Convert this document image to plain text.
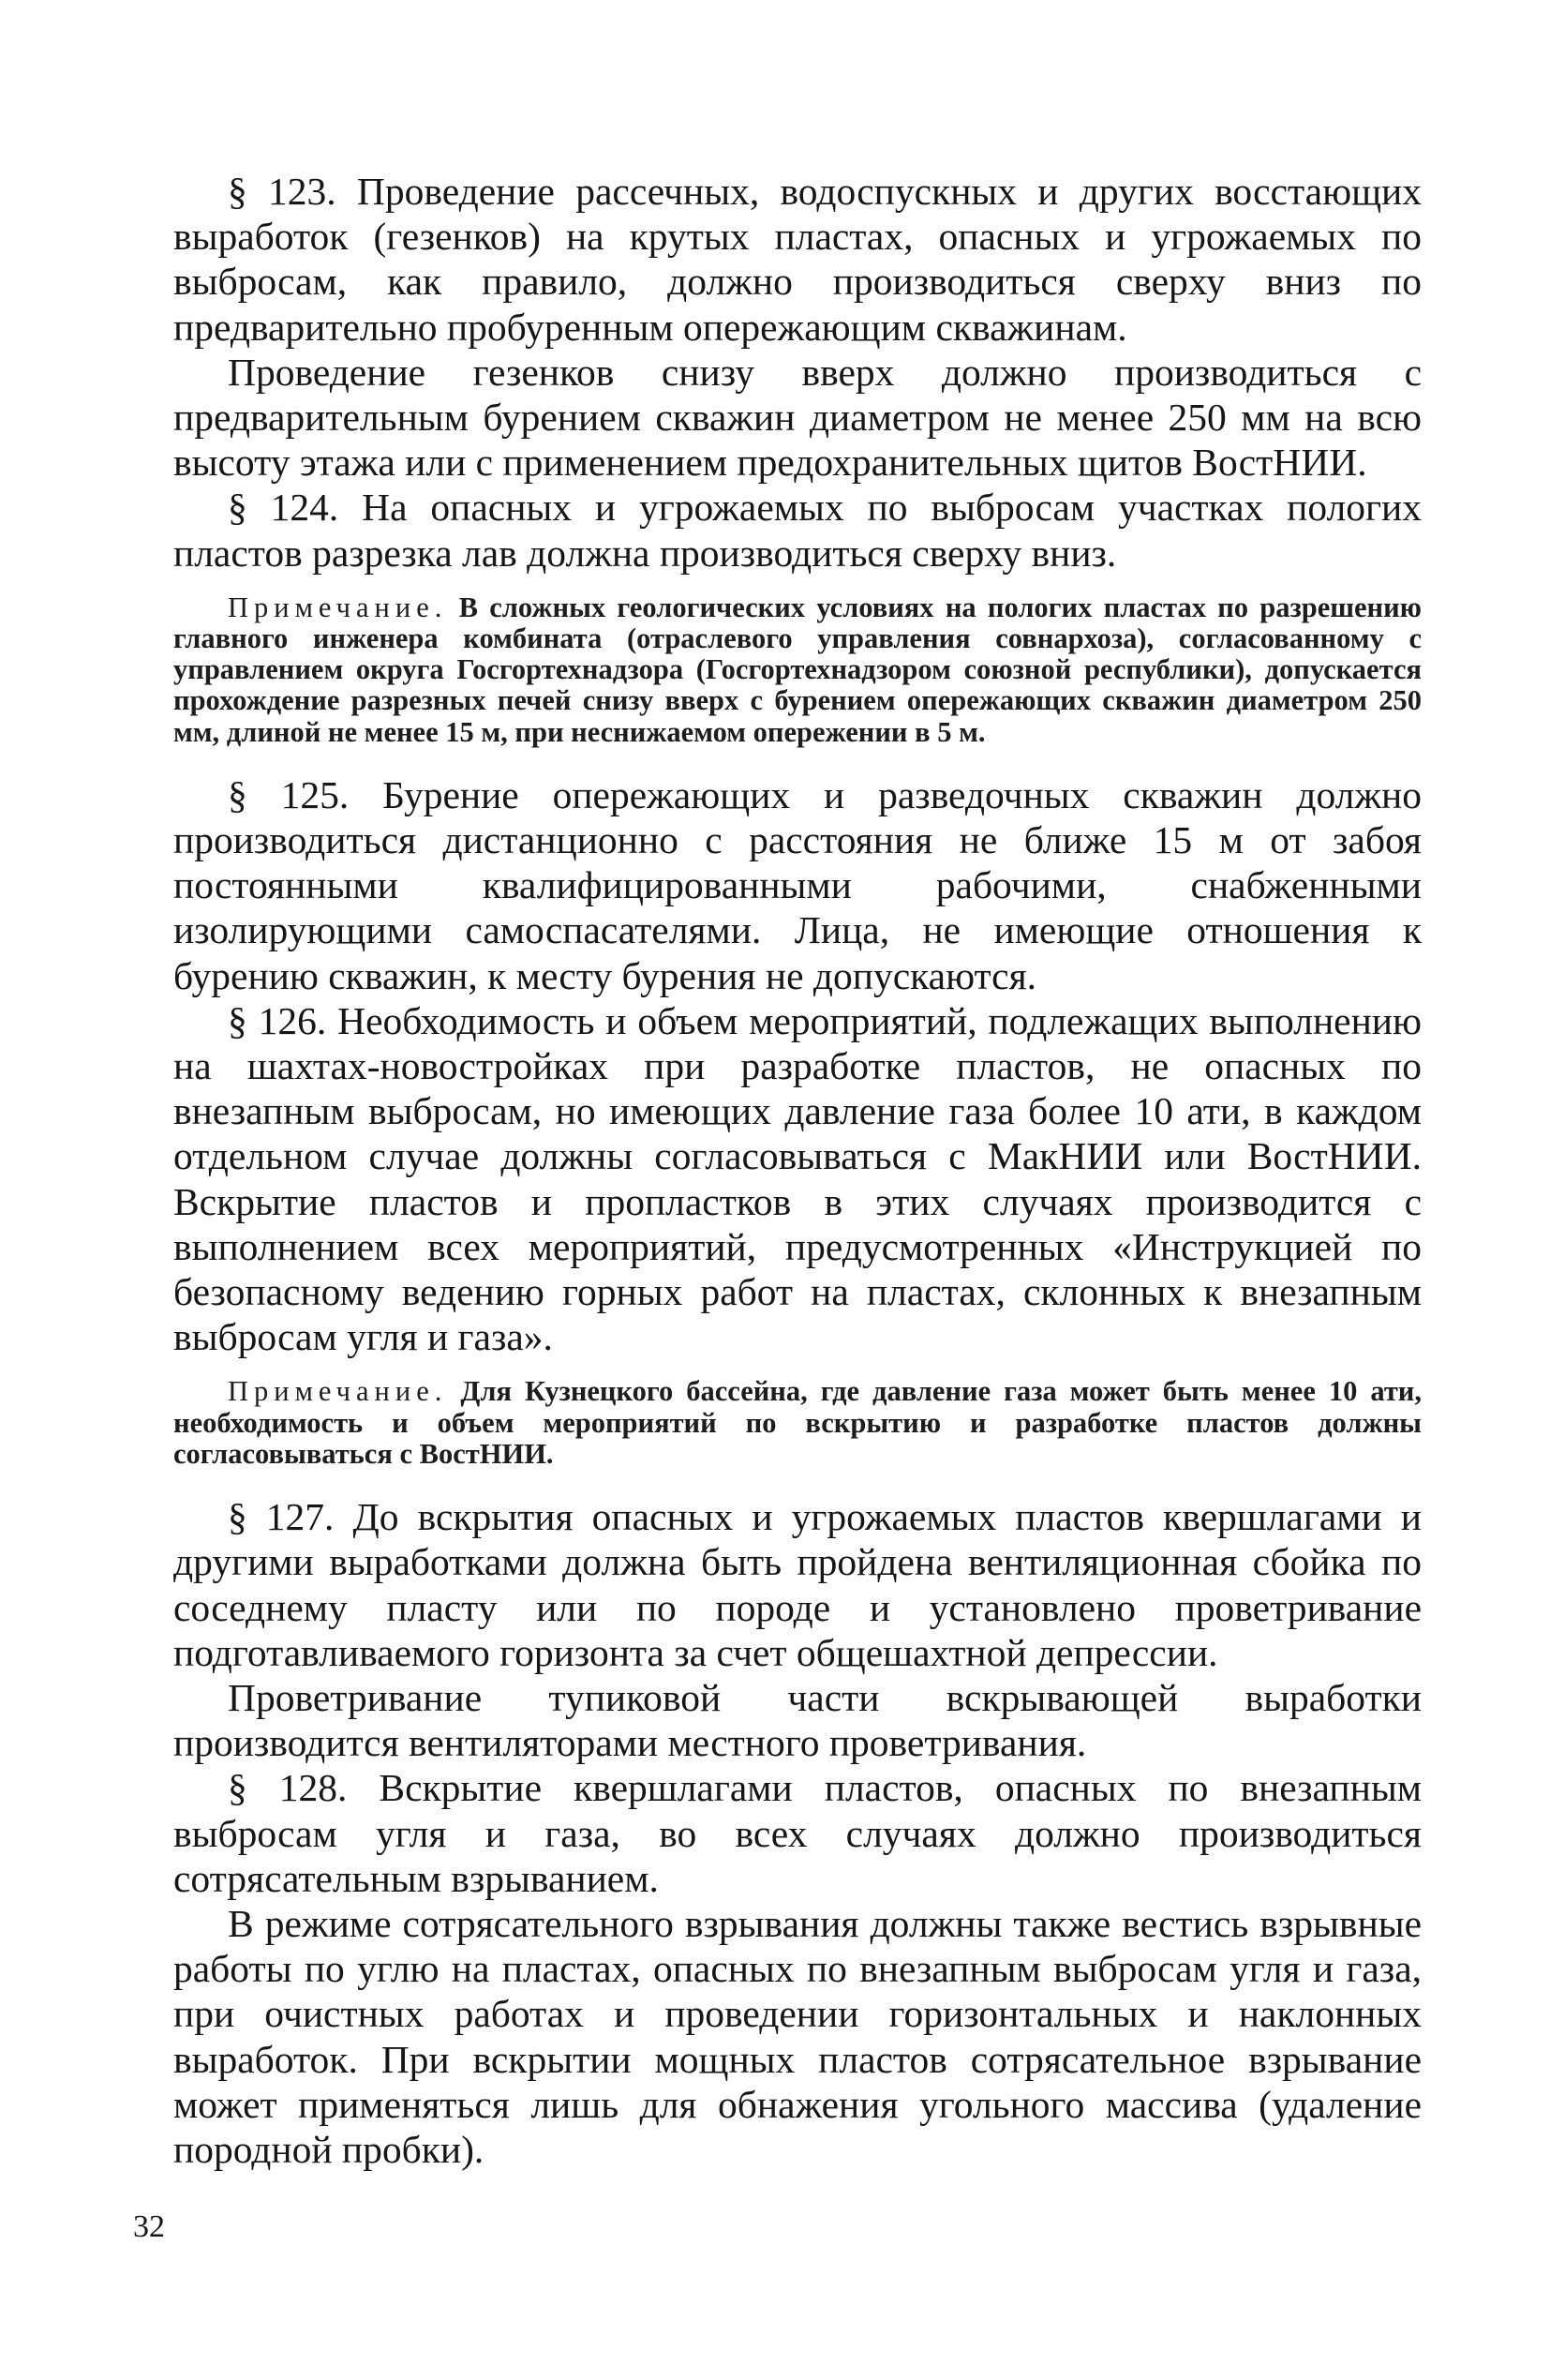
§ 123. Проведение рассечных, водоспускных и других восстающих выработок (гезенков) на крутых пластах, опасных и угрожаемых по выбросам, как правило, должно производиться сверху вниз по предварительно пробуренным опережающим скважинам.

Проведение гезенков снизу вверх должно производиться с предварительным бурением скважин диаметром не менее 250 мм на всю высоту этажа или с применением предохранительных щитов ВостНИИ.

§ 124. На опасных и угрожаемых по выбросам участках пологих пластов разрезка лав должна производиться сверху вниз.

Примечание. В сложных геологических условиях на пологих пластах по разрешению главного инженера комбината (отраслевого управления совнархоза), согласованному с управлением округа Госгортехнадзора (Госгортехнадзором союзной республики), допускается прохождение разрезных печей снизу вверх с бурением опережающих скважин диаметром 250 мм, длиной не менее 15 м, при неснижаемом опережении в 5 м.

§ 125. Бурение опережающих и разведочных скважин должно производиться дистанционно с расстояния не ближе 15 м от забоя постоянными квалифицированными рабочими, снабженными изолирующими самоспасателями. Лица, не имеющие отношения к бурению скважин, к месту бурения не допускаются.

§ 126. Необходимость и объем мероприятий, подлежащих выполнению на шахтах-новостройках при разработке пластов, не опасных по внезапным выбросам, но имеющих давление газа более 10 ати, в каждом отдельном случае должны согласовываться с МакНИИ или ВостНИИ. Вскрытие пластов и пропластков в этих случаях производится с выполнением всех мероприятий, предусмотренных «Инструкцией по безопасному ведению горных работ на пластах, склонных к внезапным выбросам угля и газа».

Примечание. Для Кузнецкого бассейна, где давление газа может быть менее 10 ати, необходимость и объем мероприятий по вскрытию и разработке пластов должны согласовываться с ВостНИИ.

§ 127. До вскрытия опасных и угрожаемых пластов квершлагами и другими выработками должна быть пройдена вентиляционная сбойка по соседнему пласту или по породе и установлено проветривание подготавливаемого горизонта за счет общешахтной депрессии.

Проветривание тупиковой части вскрывающей выработки производится вентиляторами местного проветривания.

§ 128. Вскрытие квершлагами пластов, опасных по внезапным выбросам угля и газа, во всех случаях должно производиться сотрясательным взрыванием.

В режиме сотрясательного взрывания должны также вестись взрывные работы по углю на пластах, опасных по внезапным выбросам угля и газа, при очистных работах и проведении горизонтальных и наклонных выработок. При вскрытии мощных пластов сотрясательное взрывание может применяться лишь для обнажения угольного массива (удаление породной пробки).

32
